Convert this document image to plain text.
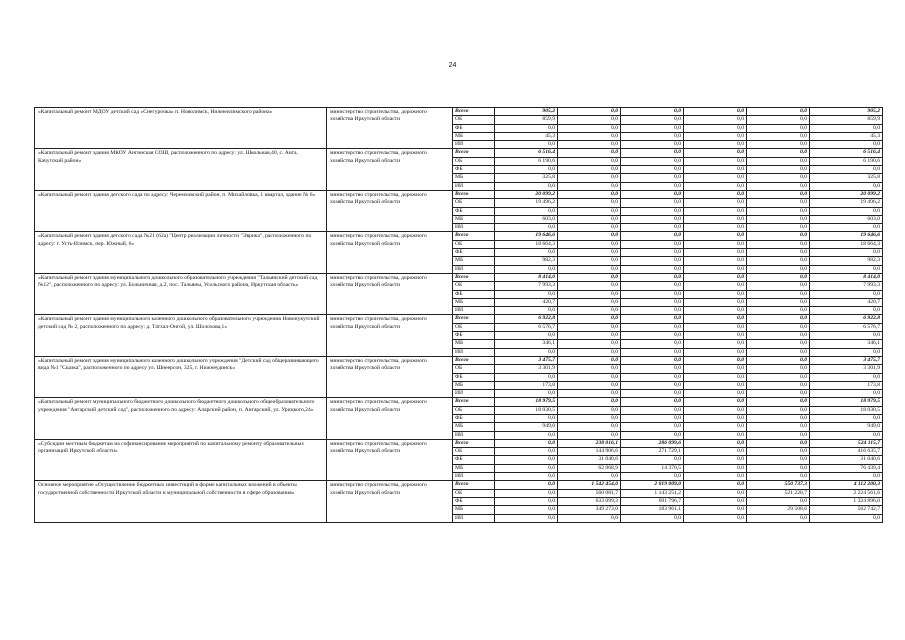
24
«Капитальный ремонт МДОУ детский сад «Снегурочка» п. Новолимск, Нижнеилимского района»	министерство строительства, дорожного хозяйства Иркутской области	Всего	905,2	0,0	0,0	0,0	0,0	905,2
		ОБ	859,9	0,0	0,0	0,0	0,0	859,9
		ФБ	0,0	0,0	0,0	0,0	0,0	0,0
		МБ	45,3	0,0	0,0	0,0	0,0	45,3
		ИИ	0,0	0,0	0,0	0,0	0,0	0,0
«Капитальный ремонт здания МКОУ Ангинская СОШ, расположенного по адресу: ул. Школьная,40, с. Анга, Качугский район»	министерство строительства, дорожного хозяйства Иркутской области	Всего	6 516,4	0,0	0,0	0,0	0,0	6 516,4
		ОБ	6 190,6	0,0	0,0	0,0	0,0	6 190,6
		ФБ	0,0	0,0	0,0	0,0	0,0	0,0
		МБ	325,8	0,0	0,0	0,0	0,0	325,8
		ИИ	0,0	0,0	0,0	0,0	0,0	0,0
«Капитальный ремонт здания детского сада по адресу: Черемховский район, п. Михайловка, 1 квартал, здание № 6»	министерство строительства, дорожного хозяйства Иркутской области	Всего	20 099,2	0,0	0,0	0,0	0,0	20 099,2
		ОБ	19 496,2	0,0	0,0	0,0	0,0	19 496,2
		ФБ	0,0	0,0	0,0	0,0	0,0	0,0
		МБ	603,0	0,0	0,0	0,0	0,0	603,0
		ИИ	0,0	0,0	0,0	0,0	0,0	0,0
«Капитальный ремонт здания детского сада №21 (62а) "Центр реализации личности "Эврика", расположенного по адресу: г. Усть-Илимск, пер. Южный, 6»	министерство строительства, дорожного хозяйства Иркутской области	Всего	19 646,6	0,0	0,0	0,0	0,0	19 646,6
		ОБ	18 664,3	0,0	0,0	0,0	0,0	18 664,3
		ФБ	0,0	0,0	0,0	0,0	0,0	0,0
		МБ	982,3	0,0	0,0	0,0	0,0	982,3
		ИИ	0,0	0,0	0,0	0,0	0,0	0,0
«Капитальный ремонт здания муниципального дошкольного образовательного учреждения "Тальянский детский сад №12", расположенного по адресу: ул. Больничная, д.2, пос. Тальяны, Усольского района, Иркутская область»	министерство строительства, дорожного хозяйства Иркутской области	Всего	8 414,0	0,0	0,0	0,0	0,0	8 414,0
		ОБ	7 993,3	0,0	0,0	0,0	0,0	7 993,3
		ФБ	0,0	0,0	0,0	0,0	0,0	0,0
		МБ	420,7	0,0	0,0	0,0	0,0	420,7
		ИИ	0,0	0,0	0,0	0,0	0,0	0,0
«Капитальный ремонт здания муниципального казенного дошкольного образовательного учреждения Новонукутский детский сад № 2, расположенного по адресу: д. Татхал-Онгой, ул. Шолохова,1»	министерство строительства, дорожного хозяйства Иркутской области	Всего	6 922,8	0,0	0,0	0,0	0,0	6 922,8
		ОБ	6 576,7	0,0	0,0	0,0	0,0	6 576,7
		ФБ	0,0	0,0	0,0	0,0	0,0	0,0
		МБ	346,1	0,0	0,0	0,0	0,0	346,1
		ИИ	0,0	0,0	0,0	0,0	0,0	0,0
«Капитальный ремонт здания муниципального казенного дошкольного учреждения "Детский сад общеразвивающего вида №1 "Сказка", расположенного по адресу ул. Шнеерсон, 325, г. Нижнеудинск»	министерство строительства, дорожного хозяйства Иркутской области	Всего	3 475,7	0,0	0,0	0,0	0,0	3 475,7
		ОБ	3 301,9	0,0	0,0	0,0	0,0	3 301,9
		ФБ	0,0	0,0	0,0	0,0	0,0	0,0
		МБ	173,8	0,0	0,0	0,0	0,0	173,8
		ИИ	0,0	0,0	0,0	0,0	0,0	0,0
«Капитальный ремонт муниципального бюджетного дошкольного бюджетного дошкольного общеобразовательного учреждения "Ангарский детский сад", расположенного по адресу: Аларский район, п. Ангарский, ул. Урицкого,24»	министерство строительства, дорожного хозяйства Иркутской области	Всего	18 979,5	0,0	0,0	0,0	0,0	18 979,5
		ОБ	18 030,5	0,0	0,0	0,0	0,0	18 030,5
		ФБ	0,0	0,0	0,0	0,0	0,0	0,0
		МБ	949,0	0,0	0,0	0,0	0,0	949,0
		ИИ	0,0	0,0	0,0	0,0	0,0	0,0
«Субсидии местным бюджетам на софинансирование мероприятий по капитальному ремонту образовательных организаций Иркутской области»	министерство строительства, дорожного хозяйства Иркутской области	Всего	0,0	238 016,1	286 099,6	0,0	0,0	524 115,7
		ОБ	0,0	144 906,6	271 729,1	0,0	0,0	416 635,7
		ФБ	0,0	31 040,6	0,0	0,0	0,0	31 040,6
		МБ	0,0	62 068,9	14 370,5	0,0	0,0	76 439,4
		ИИ	0,0	0,0	0,0	0,0	0,0	0,0
Основное мероприятие «Осуществление бюджетных инвестиций в форме капитальных вложений в объекты государственной собственности Иркутской области и муниципальной собственности в сфере образования»	министерство строительства, дорожного хозяйства Иркутской области	Всего	0,0	1 542 454,0	2 019 009,0	0,0	550 737,3	4 112 200,3
		ОБ	0,0	560 081,7	1 143 251,2	0,0	521 228,7	2 224 561,6
		ФБ	0,0	633 099,3	691 796,7	0,0	0,0	1 324 896,0
		МБ	0,0	349 273,0	183 961,1	0,0	29 508,6	562 742,7
		ИИ	0,0	0,0	0,0	0,0	0,0	0,0
